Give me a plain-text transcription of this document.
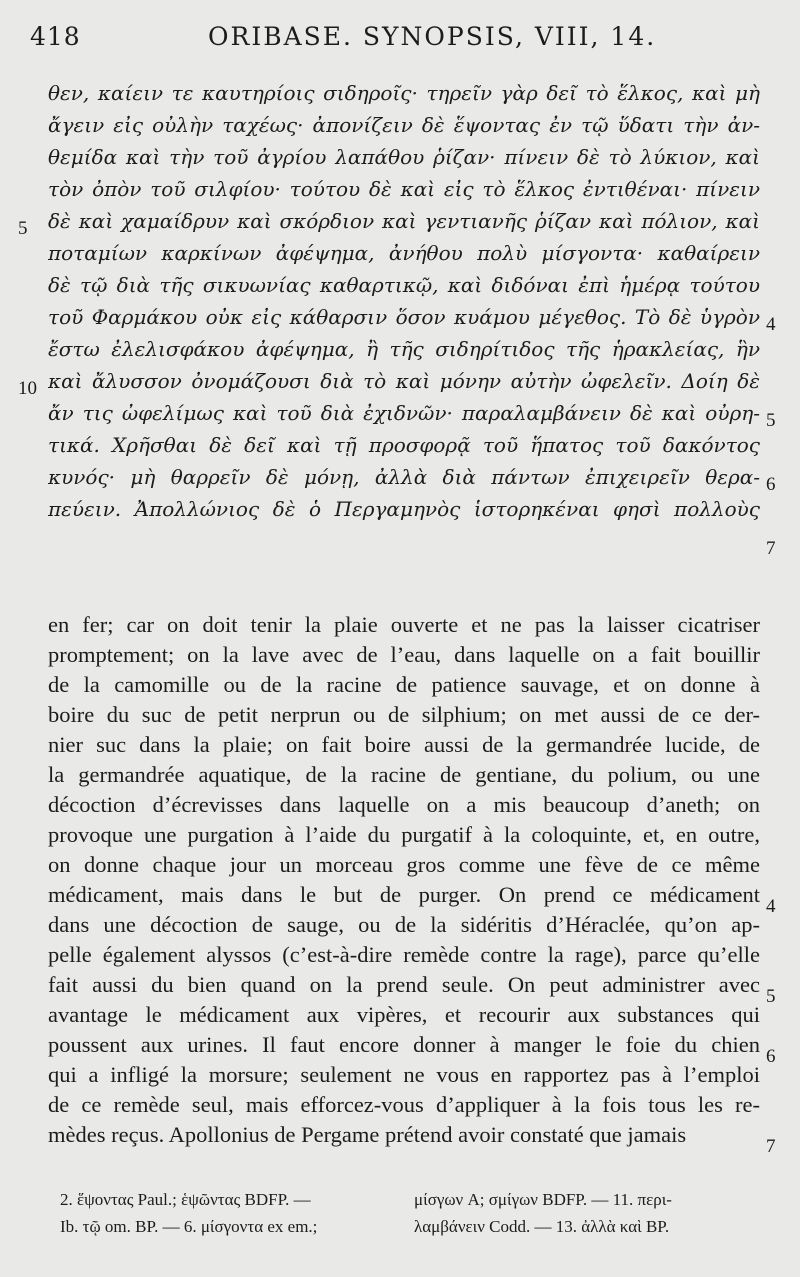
418	ORIBASE. SYNOPSIS, VIII, 14.
θεν, καίειν τε καυτηρίοις σιδηροῖς· τηρεῖν γὰρ δεῖ τὸ ἕλκος, καὶ μὴ
ἄγειν εἰς οὐλὴν ταχέως· ἀπονίζειν δὲ ἕψοντας ἐν τῷ ὕδατι τὴν ἀν-
θεμίδα καὶ τὴν τοῦ ἀγρίου λαπάθου ῥίζαν· πίνειν δὲ τὸ λύκιον, καὶ
τὸν ὀπὸν τοῦ σιλφίου· τούτου δὲ καὶ εἰς τὸ ἕλκος ἐντιθέναι· πίνειν
δὲ καὶ χαμαίδρυν καὶ σκόρδιον καὶ γεντιανῆς ῥίζαν καὶ πόλιον, καὶ
ποταμίων καρκίνων ἀφέψημα, ἀνήθου πολὺ μίσγοντα· καθαίρειν
δὲ τῷ διὰ τῆς σικυωνίας καθαρτικῷ, καὶ διδόναι ἐπὶ ἡμέρᾳ τούτου
τοῦ Φαρμάκου οὐκ εἰς κάθαρσιν ὅσον κυάμου μέγεθος. Τὸ δὲ ὑγρὸν
ἔστω ἐλελισφάκου ἀφέψημα, ἢ τῆς σιδηρίτιδος τῆς ἡρακλείας, ἣν
καὶ ἄλυσσον ὀνομάζουσι διὰ τὸ καὶ μόνην αὐτὴν ὠφελεῖν. Δοίη δὲ
ἄν τις ὠφελίμως καὶ τοῦ διὰ ἐχιδνῶν· παραλαμβάνειν δὲ καὶ οὐρη-
τικά. Χρῆσθαι δὲ δεῖ καὶ τῇ προσφορᾷ τοῦ ἥπατος τοῦ δακόντος
κυνός· μὴ θαρρεῖν δὲ μόνῃ, ἀλλὰ διὰ πάντων ἐπιχειρεῖν θερα-
πεύειν. Ἀπολλώνιος δὲ ὁ Περγαμηνὸς ἱστορηκέναι φησὶ πολλοὺς
5
10
4
5
6
7
en fer; car on doit tenir la plaie ouverte et ne pas la laisser cicatriser
promptement; on la lave avec de l’eau, dans laquelle on a fait bouillir
de la camomille ou de la racine de patience sauvage, et on donne à
boire du suc de petit nerprun ou de silphium; on met aussi de ce der-
nier suc dans la plaie; on fait boire aussi de la germandrée lucide, de
la germandrée aquatique, de la racine de gentiane, du polium, ou une
décoction d’écrevisses dans laquelle on a mis beaucoup d’aneth; on
provoque une purgation à l’aide du purgatif à la coloquinte, et, en outre,
on donne chaque jour un morceau gros comme une fève de ce même
médicament, mais dans le but de purger. On prend ce médicament
dans une décoction de sauge, ou de la sidéritis d’Héraclée, qu’on ap-
pelle également alyssos (c’est-à-dire remède contre la rage), parce qu’elle
fait aussi du bien quand on la prend seule. On peut administrer avec
avantage le médicament aux vipères, et recourir aux substances qui
poussent aux urines. Il faut encore donner à manger le foie du chien
qui a infligé la morsure; seulement ne vous en rapportez pas à l’emploi
de ce remède seul, mais efforcez-vous d’appliquer à la fois tous les re-
mèdes reçus. Apollonius de Pergame prétend avoir constaté que jamais
4
5
6
7
2. ἕψοντας Paul.; ἑψῶντας BDFP. —	μίσγων A; σμίγων BDFP. — 11. περι-
Ib. τῷ om. BP. — 6. μίσγοντα ex em.;	λαμβάνειν Codd. — 13. ἀλλὰ καὶ BP.
